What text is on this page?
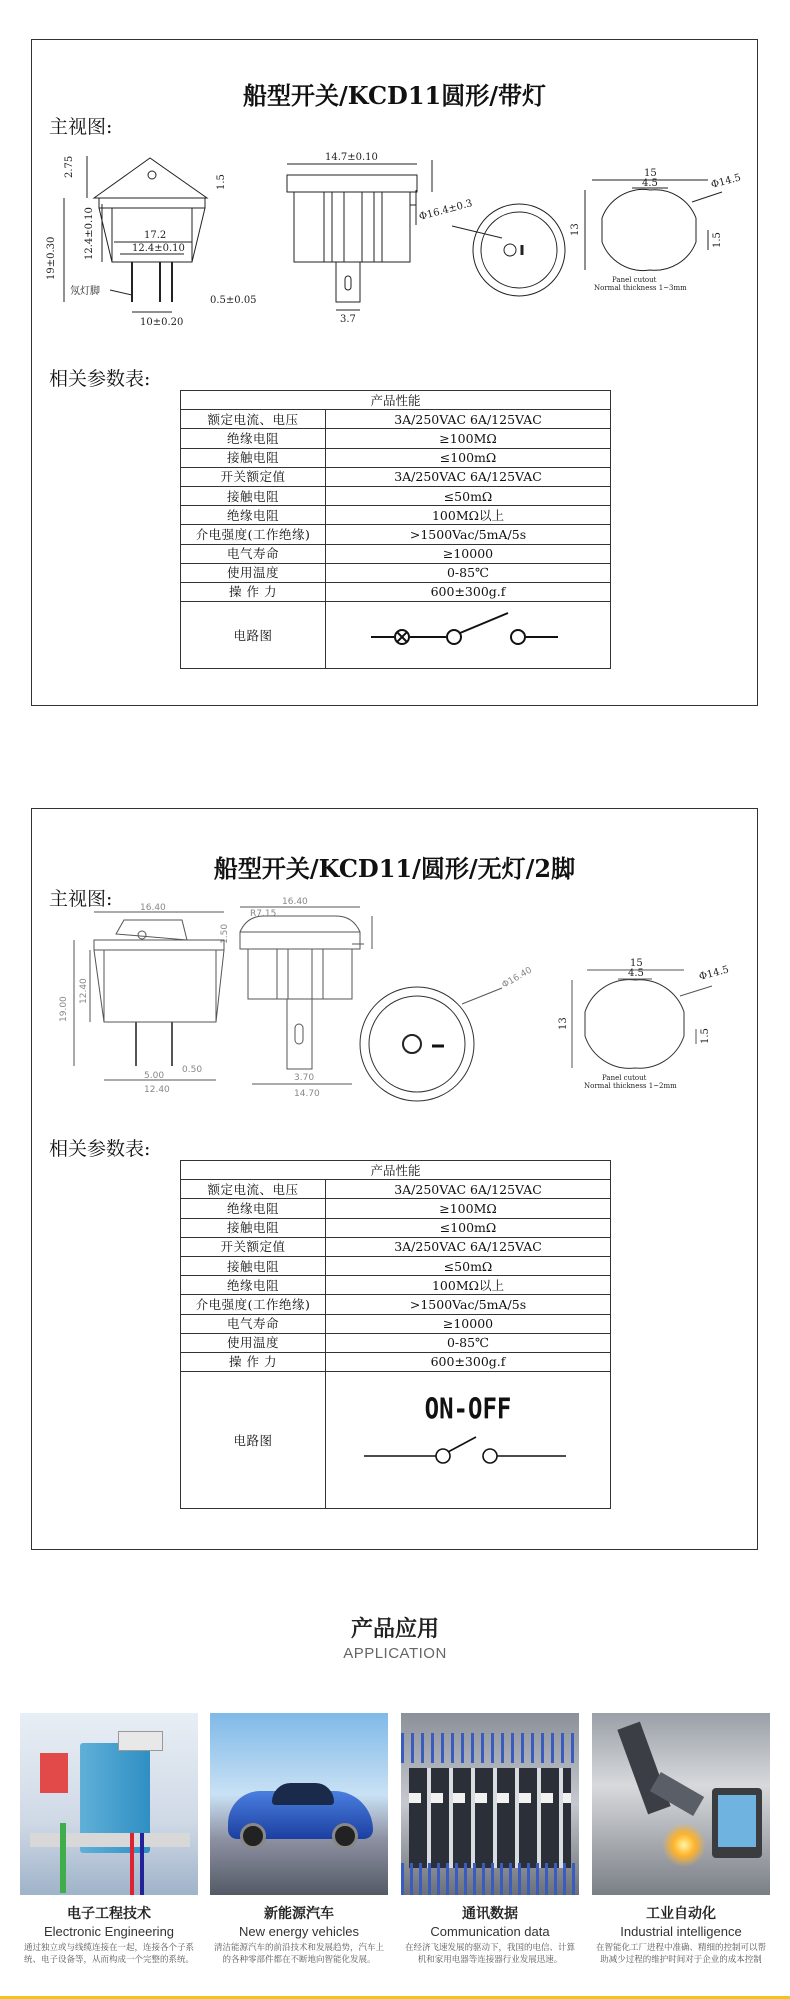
船型开关/KCD11圆形/带灯
主视图:
2.75
12.4±0.10
19±0.30
17.2
12.4±0.10
1.5
0.5±0.05
10±0.20
氖灯脚
14.7±0.10
3.7
Φ16.4±0.3
15
4.5	Φ14.5
13
1.5
Panel cutout
Normal thickness 1~3mm
相关参数表:
产品性能	
额定电流、电压	3A/250VAC 6A/125VAC
绝缘电阻	≥100MΩ
接触电阻	≤100mΩ
开关额定值	3A/250VAC 6A/125VAC
接触电阻	≤50mΩ
绝缘电阻	100MΩ以上
介电强度(工作绝缘)	>1500Vac/5mA/5s
电气寿命	≥10000
使用温度	0-85℃
操 作 力	600±300g.f
电路图	
船型开关/KCD11/圆形/无灯/2脚
主视图:	16.40
16.40
R7.15
1.50
12.40
19.00
5.00
0.50
12.40
3.70
14.70
Φ16.40
15
4.5	Φ14.5
13
1.5
Panel cutout
Normal thickness 1~2mm
相关参数表:
产品性能	
额定电流、电压	3A/250VAC 6A/125VAC
绝缘电阻	≥100MΩ
接触电阻	≤100mΩ
开关额定值	3A/250VAC 6A/125VAC
接触电阻	≤50mΩ
绝缘电阻	100MΩ以上
介电强度(工作绝缘)	>1500Vac/5mA/5s
电气寿命	≥10000
使用温度	0-85℃
操 作 力	600±300g.f
电路图	ON-OFF
产品应用
APPLICATION
电子工程技术
Electronic Engineering
通过独立或与线缆连接在一起，连接各个子系统、电子设备等，从而构成一个完整的系统。
新能源汽车
New energy vehicles
清洁能源汽车的前沿技术和发展趋势，汽车上的各种零部件都在不断地向智能化发展。
通讯数据
Communication data
在经济飞速发展的驱动下，我国的电信、计算机和家用电器等连接器行业发展迅速。
工业自动化
Industrial intelligence
在智能化工厂进程中准确、精细的控制可以帮助减少过程的维护时间对于企业的成本控制
